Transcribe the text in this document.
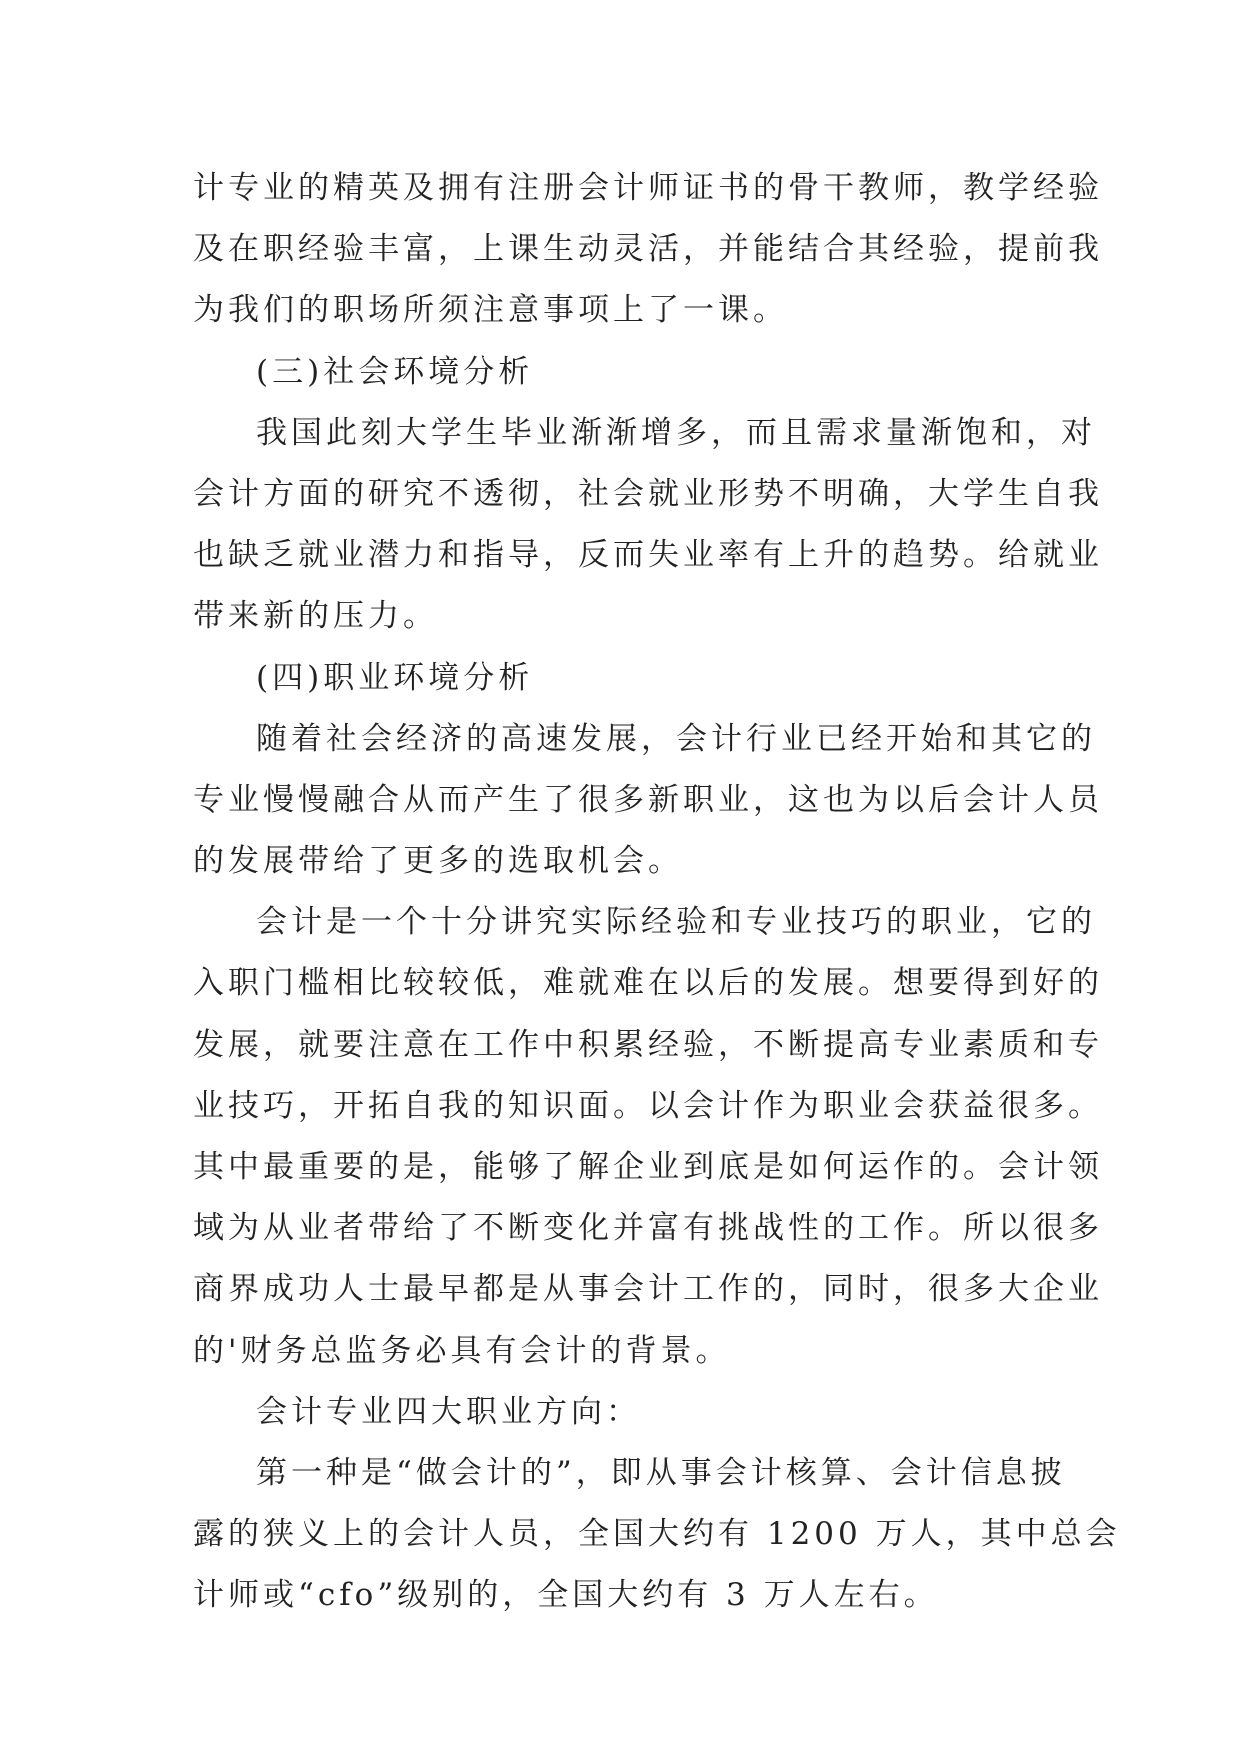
计专业的精英及拥有注册会计师证书的骨干教师，教学经验
及在职经验丰富，上课生动灵活，并能结合其经验，提前我
为我们的职场所须注意事项上了一课。
(三)社会环境分析
我国此刻大学生毕业渐渐增多，而且需求量渐饱和，对
会计方面的研究不透彻，社会就业形势不明确，大学生自我
也缺乏就业潜力和指导，反而失业率有上升的趋势。给就业
带来新的压力。
(四)职业环境分析
随着社会经济的高速发展，会计行业已经开始和其它的
专业慢慢融合从而产生了很多新职业，这也为以后会计人员
的发展带给了更多的选取机会。
会计是一个十分讲究实际经验和专业技巧的职业，它的
入职门槛相比较较低，难就难在以后的发展。想要得到好的
发展，就要注意在工作中积累经验，不断提高专业素质和专
业技巧，开拓自我的知识面。以会计作为职业会获益很多。
其中最重要的是，能够了解企业到底是如何运作的。会计领
域为从业者带给了不断变化并富有挑战性的工作。所以很多
商界成功人士最早都是从事会计工作的，同时，很多大企业
的'财务总监务必具有会计的背景。
会计专业四大职业方向：
第一种是“做会计的”，即从事会计核算、会计信息披
露的狭义上的会计人员，全国大约有 1200 万人，其中总会
计师或“cfo”级别的，全国大约有 3 万人左右。
